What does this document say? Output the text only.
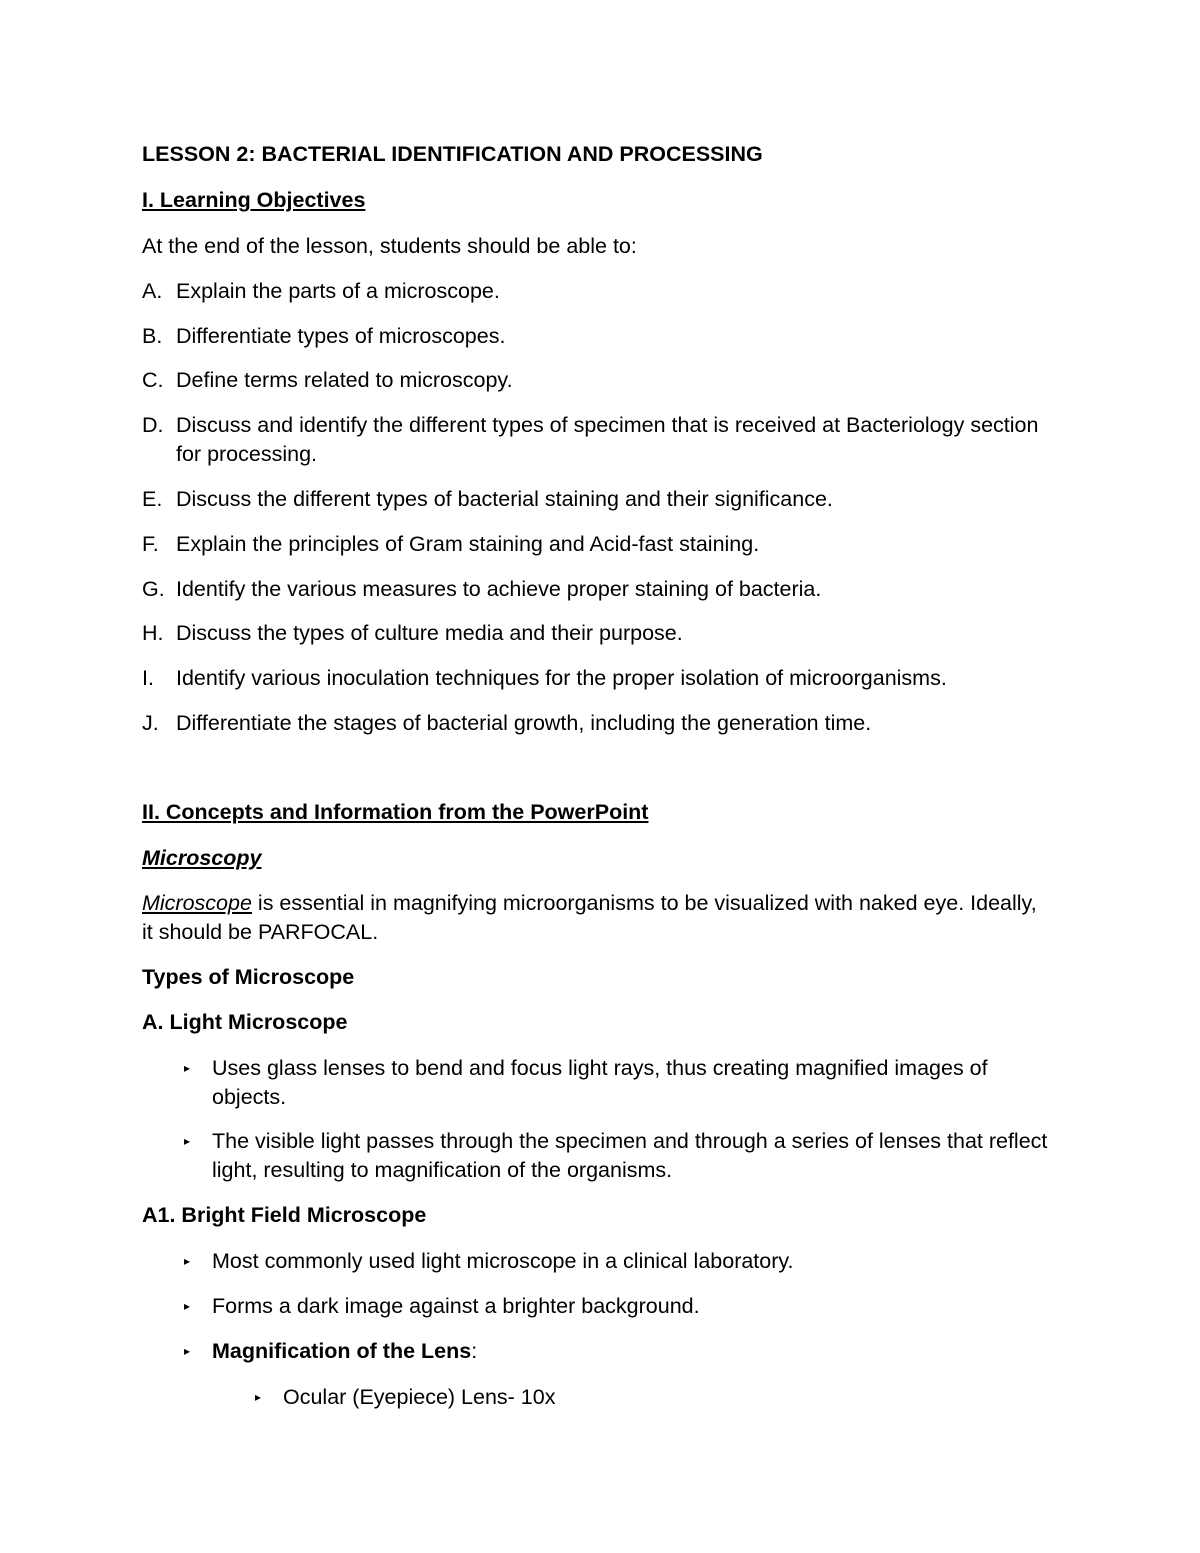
LESSON 2: BACTERIAL IDENTIFICATION AND PROCESSING
I. Learning Objectives
At the end of the lesson, students should be able to:
A. Explain the parts of a microscope.
B. Differentiate types of microscopes.
C. Define terms related to microscopy.
D. Discuss and identify the different types of specimen that is received at Bacteriology section for processing.
E. Discuss the different types of bacterial staining and their significance.
F. Explain the principles of Gram staining and Acid-fast staining.
G. Identify the various measures to achieve proper staining of bacteria.
H. Discuss the types of culture media and their purpose.
I. Identify various inoculation techniques for the proper isolation of microorganisms.
J. Differentiate the stages of bacterial growth, including the generation time.
II. Concepts and Information from the PowerPoint
Microscopy
Microscope is essential in magnifying microorganisms to be visualized with naked eye. Ideally, it should be PARFOCAL.
Types of Microscope
A. Light Microscope
▸ Uses glass lenses to bend and focus light rays, thus creating magnified images of objects.
▸ The visible light passes through the specimen and through a series of lenses that reflect light, resulting to magnification of the organisms.
A1. Bright Field Microscope
▸ Most commonly used light microscope in a clinical laboratory.
▸ Forms a dark image against a brighter background.
▸ Magnification of the Lens:
▸ Ocular (Eyepiece) Lens- 10x
